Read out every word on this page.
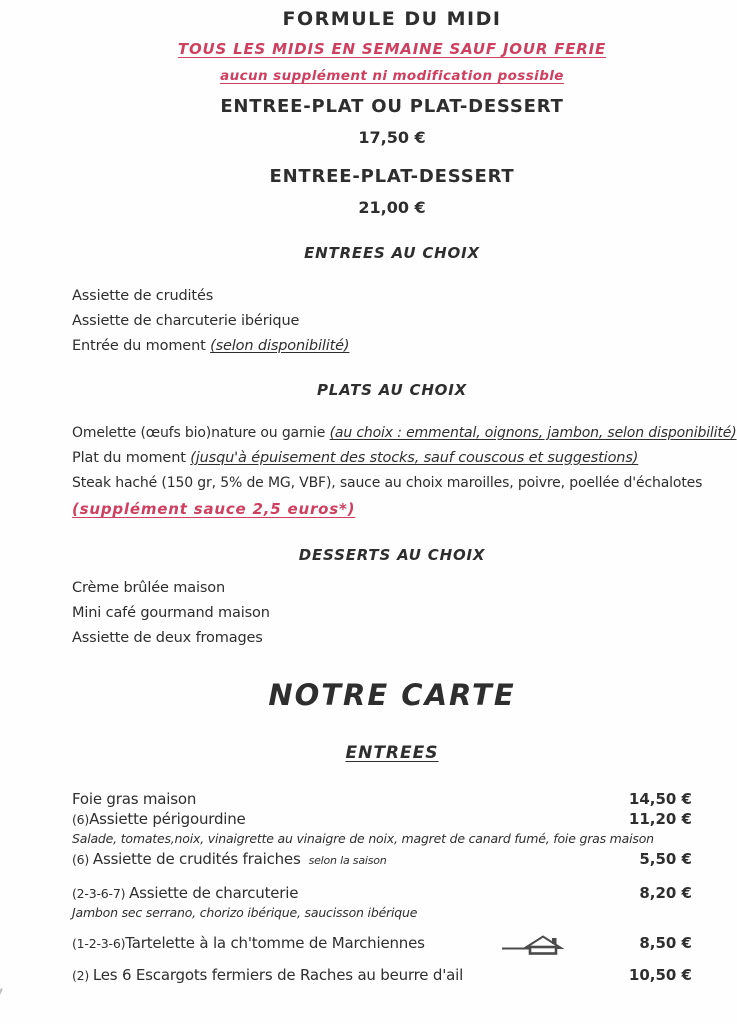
FORMULE DU MIDI
TOUS LES MIDIS EN SEMAINE SAUF JOUR FERIE
aucun supplément ni modification possible
ENTREE-PLAT OU PLAT-DESSERT
17,50 €
ENTREE-PLAT-DESSERT
21,00 €
ENTREES AU CHOIX
Assiette de crudités
Assiette de charcuterie ibérique
Entrée du moment (selon disponibilité)
PLATS AU CHOIX
Omelette (œufs bio)nature ou garnie (au choix : emmental, oignons, jambon, selon disponibilité)
Plat du moment (jusqu'à épuisement des stocks, sauf couscous et suggestions)
Steak haché (150 gr, 5% de MG, VBF), sauce au choix maroilles, poivre, poellée d'échalotes
(supplément sauce 2,5 euros*)
DESSERTS AU CHOIX
Crème brûlée maison
Mini café gourmand maison
Assiette de deux fromages
NOTRE CARTE
ENTREES
Foie gras maison	14,50 €
(6)Assiette périgourdine	11,20 €
Salade, tomates,noix, vinaigrette au vinaigre de noix, magret de canard fumé, foie gras maison
(6) Assiette de crudités fraiches selon la saison	5,50 €
(2-3-6-7) Assiette de charcuterie	8,20 €
Jambon sec serrano, chorizo ibérique, saucisson ibérique
(1-2-3-6)Tartelette à la ch'tomme de Marchiennes	8,50 €
(2) Les 6 Escargots fermiers de Raches au beurre d'ail	10,50 €
